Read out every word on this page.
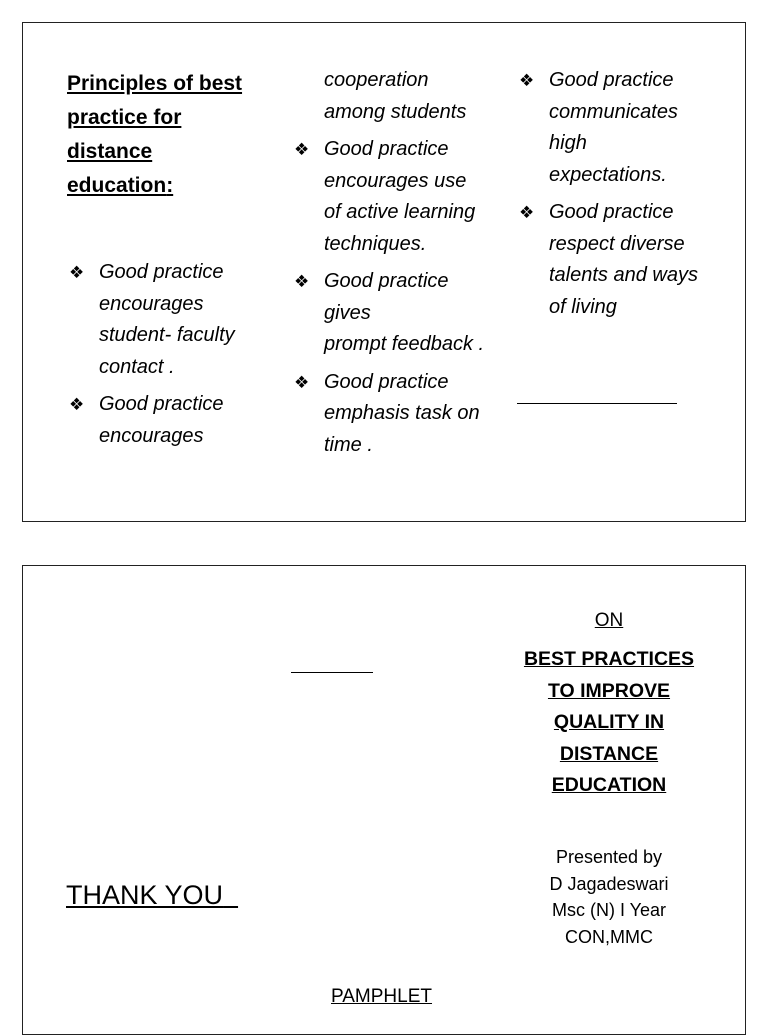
Principles of best
practice for
distance
education:
❖ Good practice

encourages

student- faculty

contact .

❖ Good practice

encourages

cooperation

among students

❖ Good practice

encourages use

of active learning

techniques.

❖ Good practice

gives

prompt feedback .

❖ Good practice

emphasis task on

time .

❖ Good practice

communicates

high

expectations.

❖ Good practice

respect diverse

talents and ways

of living

ON
BEST PRACTICES
TO IMPROVE
QUALITY IN
DISTANCE
EDUCATION
Presented by
D Jagadeswari
Msc (N) I Year
CON,MMC
THANK YOU
PAMPHLET
